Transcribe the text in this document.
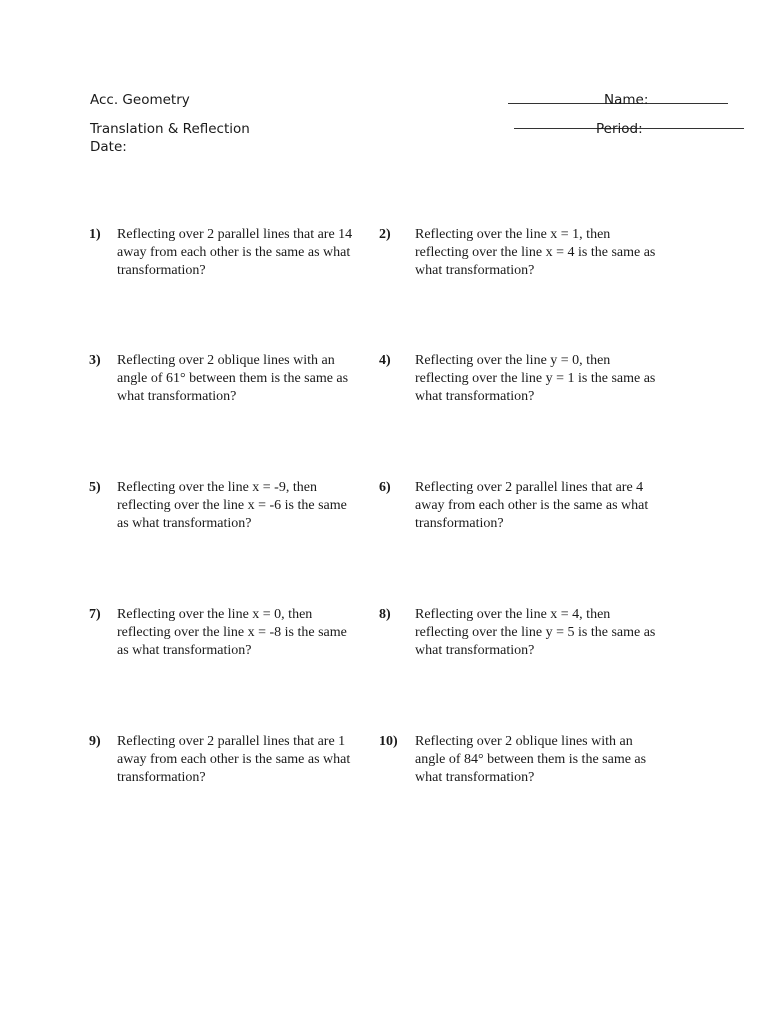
Acc. Geometry
Translation & Reflection
Date:
Name:
Period:
1) Reflecting over 2 parallel lines that are 14
away from each other is the same as what
transformation?
2) Reflecting over the line x = 1, then
reflecting over the line x = 4 is the same as
what transformation?
3) Reflecting over 2 oblique lines with an
angle of 61° between them is the same as
what transformation?
4) Reflecting over the line y = 0, then
reflecting over the line y = 1 is the same as
what transformation?
5) Reflecting over the line x = -9, then
reflecting over the line x = -6 is the same
as what transformation?
6) Reflecting over 2 parallel lines that are 4
away from each other is the same as what
transformation?
7) Reflecting over the line x = 0, then
reflecting over the line x = -8 is the same
as what transformation?
8) Reflecting over the line x = 4, then
reflecting over the line y = 5 is the same as
what transformation?
9) Reflecting over 2 parallel lines that are 1
away from each other is the same as what
transformation?
10) Reflecting over 2 oblique lines with an
angle of 84° between them is the same as
what transformation?
